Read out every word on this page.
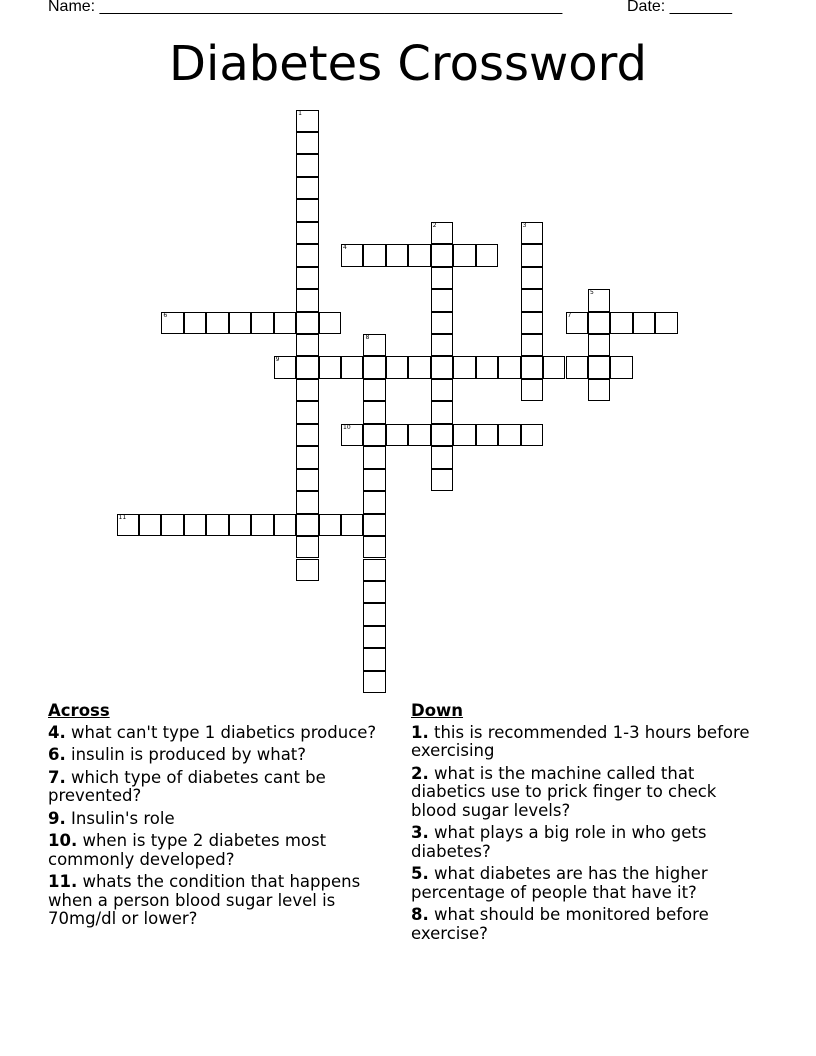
Name: ____________________________________________________	Date: _______
Diabetes Crossword
1
2	3
4
5
6	7
8
9
10
11
Across
4. what can't type 1 diabetics produce?
6. insulin is produced by what?
7. which type of diabetes cant be prevented?
9. Insulin's role
10. when is type 2 diabetes most commonly developed?
11. whats the condition that happens when a person blood sugar level is 70mg/dl or lower?
Down
1. this is recommended 1-3 hours before exercising
2. what is the machine called that diabetics use to prick finger to check blood sugar levels?
3. what plays a big role in who gets diabetes?
5. what diabetes are has the higher percentage of people that have it?
8. what should be monitored before exercise?
